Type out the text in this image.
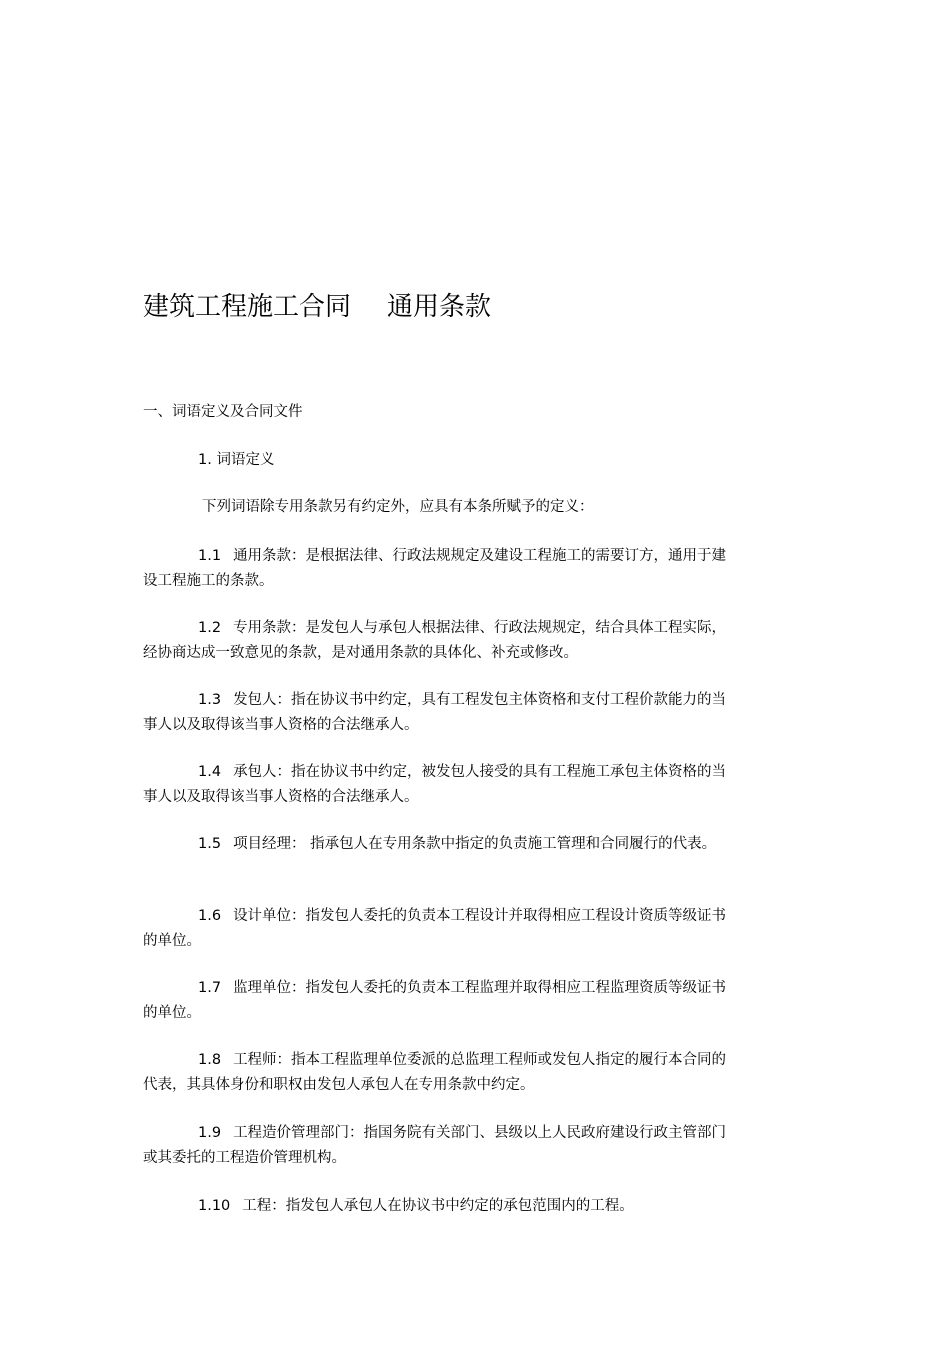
建筑工程施工合同 通用条款
一、词语定义及合同文件
1. 词语定义
下列词语除专用条款另有约定外，应具有本条所赋予的定义：
1.1 通用条款：是根据法律、行政法规规定及建设工程施工的需要订方，通用于建
设工程施工的条款。
1.2 专用条款：是发包人与承包人根据法律、行政法规规定，结合具体工程实际，
经协商达成一致意见的条款，是对通用条款的具体化、补充或修改。
1.3 发包人：指在协议书中约定，具有工程发包主体资格和支付工程价款能力的当
事人以及取得该当事人资格的合法继承人。
1.4 承包人：指在协议书中约定，被发包人接受的具有工程施工承包主体资格的当
事人以及取得该当事人资格的合法继承人。
1.5 项目经理： 指承包人在专用条款中指定的负责施工管理和合同履行的代表。
1.6 设计单位：指发包人委托的负责本工程设计并取得相应工程设计资质等级证书
的单位。
1.7 监理单位：指发包人委托的负责本工程监理并取得相应工程监理资质等级证书
的单位。
1.8 工程师：指本工程监理单位委派的总监理工程师或发包人指定的履行本合同的
代表，其具体身份和职权由发包人承包人在专用条款中约定。
1.9 工程造价管理部门：指国务院有关部门、县级以上人民政府建设行政主管部门
或其委托的工程造价管理机构。
1.10 工程：指发包人承包人在协议书中约定的承包范围内的工程。
